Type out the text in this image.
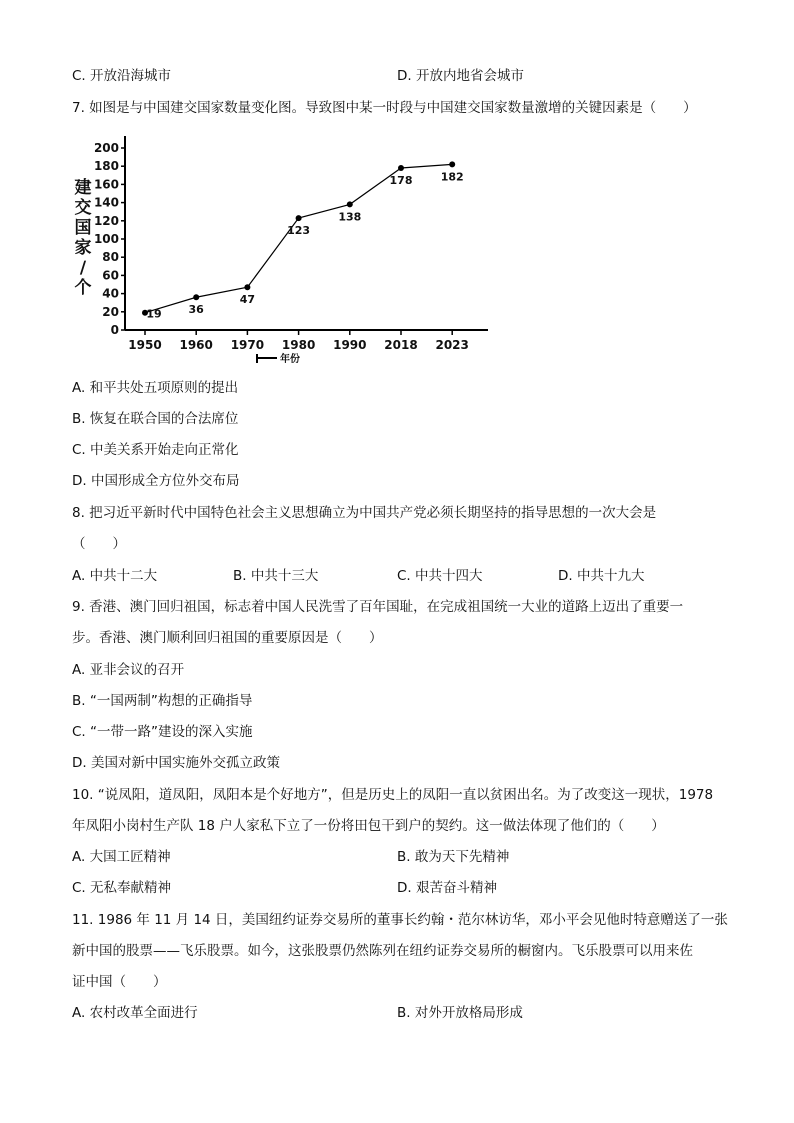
C. 开放沿海城市	D. 开放内地省会城市
7. 如图是与中国建交国家数量变化图。导致图中某一时段与中国建交国家数量激增的关键因素是（　　）
0
20
40
60
80
100
120
140
160
180
200
1950 1960 1970 1980 1990 2018 2023
19 36
47
123
138
178	182
年份
建交国家∕个
A. 和平共处五项原则的提出
B. 恢复在联合国的合法席位
C. 中美关系开始走向正常化
D. 中国形成全方位外交布局
8. 把习近平新时代中国特色社会主义思想确立为中国共产党必须长期坚持的指导思想的一次大会是
（　　）
A. 中共十二大	B. 中共十三大	C. 中共十四大	D. 中共十九大
9. 香港、澳门回归祖国，标志着中国人民洗雪了百年国耻，在完成祖国统一大业的道路上迈出了重要一
步。香港、澳门顺利回归祖国的重要原因是（　　）
A. 亚非会议的召开
B. “一国两制”构想的正确指导
C. “一带一路”建设的深入实施
D. 美国对新中国实施外交孤立政策
10. “说凤阳，道凤阳，凤阳本是个好地方”，但是历史上的凤阳一直以贫困出名。为了改变这一现状，1978
年凤阳小岗村生产队 18 户人家私下立了一份将田包干到户的契约。这一做法体现了他们的（　　）
A. 大国工匠精神	B. 敢为天下先精神
C. 无私奉献精神	D. 艰苦奋斗精神
11. 1986 年 11 月 14 日，美国纽约证券交易所的董事长约翰・范尔林访华，邓小平会见他时特意赠送了一张
新中国的股票——飞乐股票。如今，这张股票仍然陈列在纽约证券交易所的橱窗内。飞乐股票可以用来佐
证中国（　　）
A. 农村改革全面进行	B. 对外开放格局形成
